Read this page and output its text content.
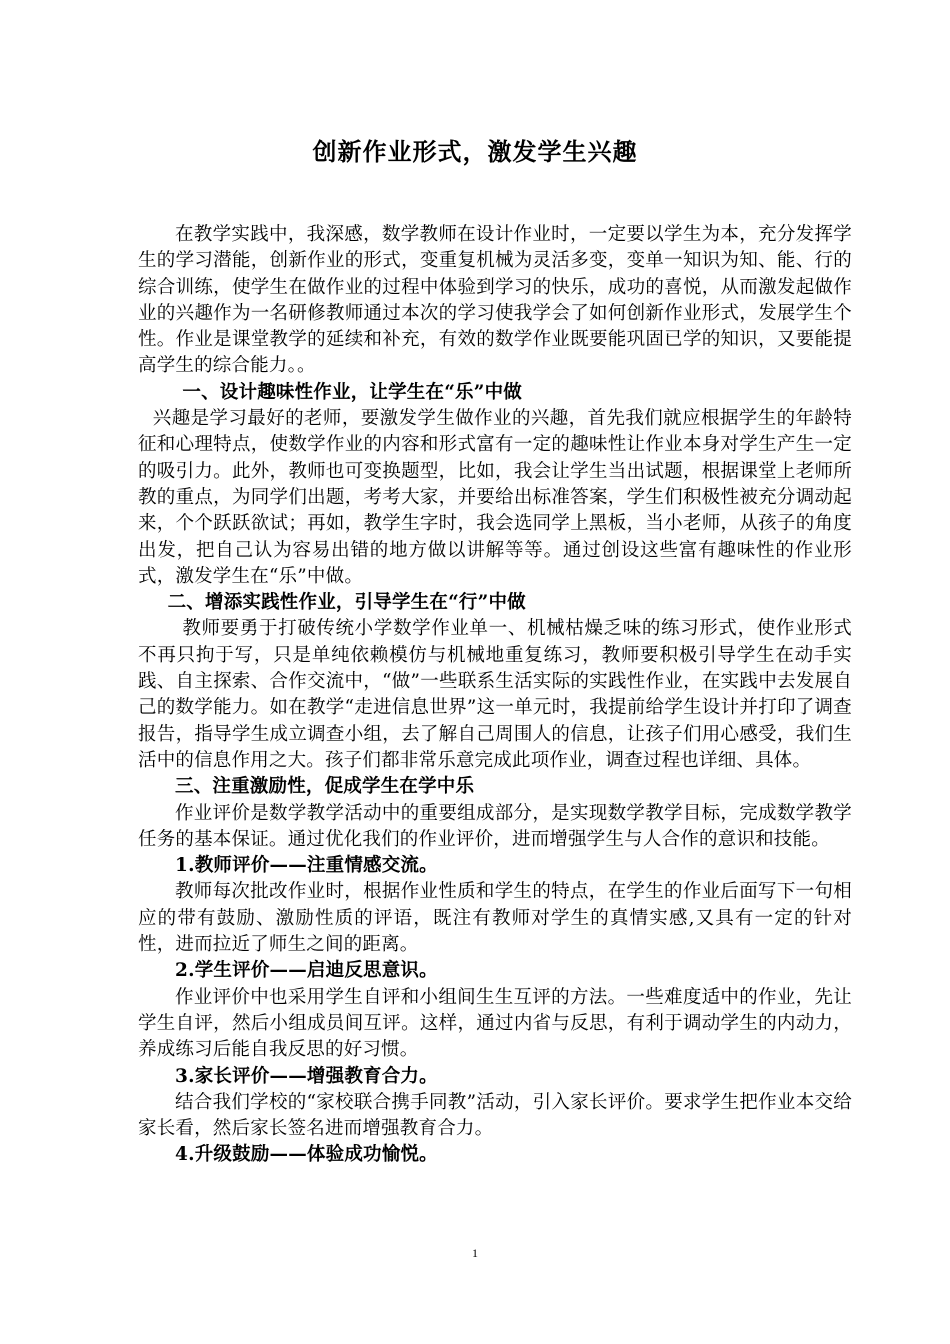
创新作业形式，激发学生兴趣

在教学实践中，我深感，数学教师在设计作业时，一定要以学生为本，充分发挥学生的学习潜能，创新作业的形式，变重复机械为灵活多变，变单一知识为知、能、行的综合训练，使学生在做作业的过程中体验到学习的快乐，成功的喜悦，从而激发起做作业的兴趣作为一名研修教师通过本次的学习使我学会了如何创新作业形式，发展学生个性。作业是课堂教学的延续和补充，有效的数学作业既要能巩固已学的知识，又要能提高学生的综合能力。。

一、设计趣味性作业，让学生在“乐”中做

兴趣是学习最好的老师，要激发学生做作业的兴趣，首先我们就应根据学生的年龄特征和心理特点，使数学作业的内容和形式富有一定的趣味性让作业本身对学生产生一定的吸引力。此外，教师也可变换题型，比如，我会让学生当出试题，根据课堂上老师所教的重点，为同学们出题，考考大家，并要给出标准答案，学生们积极性被充分调动起来，个个跃跃欲试；再如，教学生字时，我会选同学上黑板，当小老师，从孩子的角度出发，把自己认为容易出错的地方做以讲解等等。通过创设这些富有趣味性的作业形式，激发学生在“乐”中做。

二、增添实践性作业，引导学生在“行”中做

教师要勇于打破传统小学数学作业单一、机械枯燥乏味的练习形式，使作业形式不再只拘于写，只是单纯依赖模仿与机械地重复练习，教师要积极引导学生在动手实践、自主探索、合作交流中，“做”一些联系生活实际的实践性作业，在实践中去发展自己的数学能力。如在教学“走进信息世界”这一单元时，我提前给学生设计并打印了调查报告，指导学生成立调查小组，去了解自己周围人的信息，让孩子们用心感受，我们生活中的信息作用之大。孩子们都非常乐意完成此项作业，调查过程也详细、具体。

三、注重激励性，促成学生在学中乐

作业评价是数学教学活动中的重要组成部分，是实现数学教学目标，完成数学教学任务的基本保证。通过优化我们的作业评价，进而增强学生与人合作的意识和技能。

1.教师评价——注重情感交流。

教师每次批改作业时，根据作业性质和学生的特点，在学生的作业后面写下一句相应的带有鼓励、激励性质的评语，既注有教师对学生的真情实感,又具有一定的针对性，进而拉近了师生之间的距离。

2.学生评价——启迪反思意识。

作业评价中也采用学生自评和小组间生生互评的方法。一些难度适中的作业，先让学生自评，然后小组成员间互评。这样，通过内省与反思，有利于调动学生的内动力，养成练习后能自我反思的好习惯。

3.家长评价——增强教育合力。

结合我们学校的“家校联合携手同教”活动，引入家长评价。要求学生把作业本交给家长看，然后家长签名进而增强教育合力。

4.升级鼓励——体验成功愉悦。

1
